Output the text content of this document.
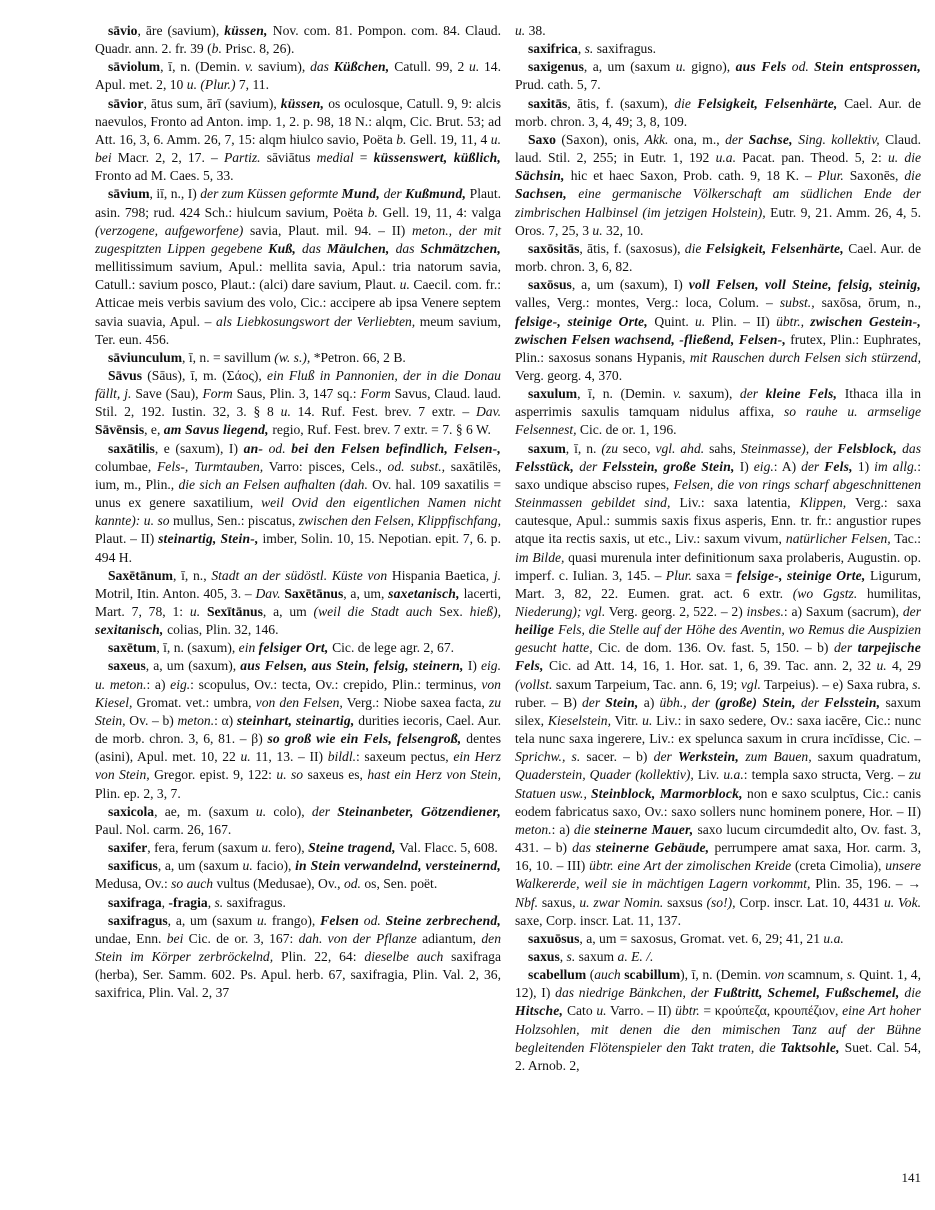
sāvio, āre (savium), küssen, Nov. com. 81. Pompon. com. 84. Claud. Quadr. ann. 2. fr. 39 (b. Prisc. 8, 26).

sāviolum, ī, n. (Demin. v. savium), das Küßchen, Catull. 99, 2 u. 14. Apul. met. 2, 10 u. (Plur.) 7, 11.

sāvior, ātus sum, ārī (savium), küssen, os oculosque, Catull. 9, 9: alcis naevulos, Fronto ad Anton. imp. 1, 2. p. 98, 18 N.: alqm, Cic. Brut. 53; ad Att. 16, 3, 6. Amm. 26, 7, 15: alqm hiulco savio, Poëta b. Gell. 19, 11, 4 u. bei Macr. 2, 2, 17. – Partiz. sāviātus medial = küssenswert, küßlich, Fronto ad M. Caes. 5, 33.

sāvium, iī, n., I) der zum Küssen geformte Mund, der Kußmund, Plaut. asin. 798; rud. 424 Sch.: hiulcum savium, Poëta b. Gell. 19, 11, 4: valga (verzogene, aufgeworfene) savia, Plaut. mil. 94. – II) meton., der mit zugespitzten Lippen gegebene Kuß, das Mäulchen, das Schmätzchen, mellitissimum savium, Apul.: mellita savia, Apul.: tria natorum savia, Catull.: savium posco, Plaut.: (alci) dare savium, Plaut. u. Caecil. com. fr.: Atticae meis verbis savium des volo, Cic.: accipere ab ipsa Venere septem savia suavia, Apul. – als Liebkosungswort der Verliebten, meum savium, Ter. eun. 456.

sāviunculum, ī, n. = savillum (w. s.), *Petron. 66, 2 B.

Sāvus (Sāus), ī, m. (Σάος), ein Fluß in Pannonien, der in die Donau fällt, j. Save (Sau), Form Saus, Plin. 3, 147 sq.: Form Savus, Claud. laud. Stil. 2, 192. Iustin. 32, 3. § 8 u. 14. Ruf. Fest. brev. 7 extr. – Dav. Sāvēnsis, e, am Savus liegend, regio, Ruf. Fest. brev. 7 extr. = 7. § 6 W.

saxātilis, e (saxum), I) an- od. bei den Felsen befindlich, Felsen-, columbae, Fels-, Turmtauben, Varro: pisces, Cels., od. subst., saxātilēs, ium, m., Plin., die sich an Felsen aufhalten (dah. Ov. hal. 109 saxatilis = unus ex genere saxatilium, weil Ovid den eigentlichen Namen nicht kannte): u. so mullus, Sen.: piscatus, zwischen den Felsen, Klippfischfang, Plaut. – II) steinartig, Stein-, imber, Solin. 10, 15. Nepotian. epit. 7, 6. p. 494 H.

Saxētānum, ī, n., Stadt an der südöstl. Küste von Hispania Baetica, j. Motril, Itin. Anton. 405, 3. – Dav. Saxētānus, a, um, saxetanisch, lacerti, Mart. 7, 78, 1: u. Sexītānus, a, um (weil die Stadt auch Sex. hieß), sexitanisch, colias, Plin. 32, 146.

saxētum, ī, n. (saxum), ein felsiger Ort, Cic. de lege agr. 2, 67.

saxeus, a, um (saxum), aus Felsen, aus Stein, felsig, steinern, I) eig. u. meton.: a) eig.: scopulus, Ov.: tecta, Ov.: crepido, Plin.: terminus, von Kiesel, Gromat. vet.: umbra, von den Felsen, Verg.: Niobe saxea facta, zu Stein, Ov. – b) meton.: α) steinhart, steinartig, durities iecoris, Cael. Aur. de morb. chron. 3, 6, 81. – β) so groß wie ein Fels, felsengroß, dentes (asini), Apul. met. 10, 22 u. 11, 13. – II) bildl.: saxeum pectus, ein Herz von Stein, Gregor. epist. 9, 122: u. so saxeus es, hast ein Herz von Stein, Plin. ep. 2, 3, 7.

saxicola, ae, m. (saxum u. colo), der Steinanbeter, Götzendiener, Paul. Nol. carm. 26, 167.

saxifer, fera, ferum (saxum u. fero), Steine tragend, Val. Flacc. 5, 608.

saxificus, a, um (saxum u. facio), in Stein verwandelnd, versteinernd, Medusa, Ov.: so auch vultus (Medusae), Ov., od. os, Sen. poët.

saxifraga, -fragia, s. saxifragus.

saxifragus, a, um (saxum u. frango), Felsen od. Steine zerbrechend, undae, Enn. bei Cic. de or. 3, 167: dah. von der Pflanze adiantum, den Stein im Körper zerbröckelnd, Plin. 22, 64: dieselbe auch saxifraga (herba), Ser. Samm. 602. Ps. Apul. herb. 67, saxifragia, Plin. Val. 2, 36, saxifrica, Plin. Val. 2, 37

u. 38.

saxifrica, s. saxifragus.

saxigenus, a, um (saxum u. gigno), aus Fels od. Stein entsprossen, Prud. cath. 5, 7.

saxitās, ātis, f. (saxum), die Felsigkeit, Felsenhärte, Cael. Aur. de morb. chron. 3, 4, 49; 3, 8, 109.

Saxo (Saxon), onis, Akk. ona, m., der Sachse, Sing. kollektiv, Claud. laud. Stil. 2, 255; in Eutr. 1, 192 u.a. Pacat. pan. Theod. 5, 2: u. die Sächsin, hic et haec Saxon, Prob. cath. 9, 18 K. – Plur. Saxonēs, die Sachsen, eine germanische Völkerschaft am südlichen Ende der zimbrischen Halbinsel (im jetzigen Holstein), Eutr. 9, 21. Amm. 26, 4, 5. Oros. 7, 25, 3 u. 32, 10.

saxōsitās, ātis, f. (saxosus), die Felsigkeit, Felsenhärte, Cael. Aur. de morb. chron. 3, 6, 82.

saxōsus, a, um (saxum), I) voll Felsen, voll Steine, felsig, steinig, valles, Verg.: montes, Verg.: loca, Colum. – subst., saxōsa, ōrum, n., felsige-, steinige Orte, Quint. u. Plin. – II) übtr., zwischen Gestein-, zwischen Felsen wachsend, -fließend, Felsen-, frutex, Plin.: Euphrates, Plin.: saxosus sonans Hypanis, mit Rauschen durch Felsen sich stürzend, Verg. georg. 4, 370.

saxulum, ī, n. (Demin. v. saxum), der kleine Fels, Ithaca illa in asperrimis saxulis tamquam nidulus affixa, so rauhe u. armselige Felsennest, Cic. de or. 1, 196.

saxum, ī, n. (zu seco, vgl. ahd. sahs, Steinmasse), der Felsblock, das Felsstück, der Felsstein, große Stein, I) eig.: A) der Fels, 1) im allg.: saxo undique absciso rupes, Felsen, die von rings scharf abgeschnittenen Steinmassen gebildet sind, Liv.: saxa latentia, Klippen, Verg.: saxa cautesque, Apul.: summis saxis fixus asperis, Enn. tr. fr.: angustior rupes atque ita rectis saxis, ut etc., Liv.: saxum vivum, natürlicher Felsen, Tac.: im Bilde, quasi murenula inter definitionum saxa prolaberis, Augustin. op. imperf. c. Iulian. 3, 145. – Plur. saxa = felsige-, steinige Orte, Ligurum, Mart. 3, 82, 22. Eumen. grat. act. 6 extr. (wo Ggstz. humilitas, Niederung); vgl. Verg. georg. 2, 522. – 2) insbes.: a) Saxum (sacrum), der heilige Fels, die Stelle auf der Höhe des Aventin, wo Remus die Auspizien gesucht hatte, Cic. de dom. 136. Ov. fast. 5, 150. – b) der tarpejische Fels, Cic. ad Att. 14, 16, 1. Hor. sat. 1, 6, 39. Tac. ann. 2, 32 u. 4, 29 (vollst. saxum Tarpeium, Tac. ann. 6, 19; vgl. Tarpeius). – e) Saxa rubra, s. ruber. – B) der Stein, a) übh., der (große) Stein, der Felsstein, saxum silex, Kieselstein, Vitr. u. Liv.: in saxo sedere, Ov.: saxa iacēre, Cic.: nunc tela nunc saxa ingerere, Liv.: ex spelunca saxum in crura incīdisse, Cic. – Sprichw., s. sacer. – b) der Werkstein, zum Bauen, saxum quadratum, Quaderstein, Quader (kollektiv), Liv. u.a.: templa saxo structa, Verg. – zu Statuen usw., Steinblock, Marmorblock, non e saxo sculptus, Cic.: canis eodem fabricatus saxo, Ov.: saxo sollers nunc hominem ponere, Hor. – II) meton.: a) die steinerne Mauer, saxo lucum circumdedit alto, Ov. fast. 3, 431. – b) das steinerne Gebäude, perrumpere amat saxa, Hor. carm. 3, 16, 10. – III) übtr. eine Art der zimolischen Kreide (creta Cimolia), unsere Walkererde, weil sie in mächtigen Lagern vorkommt, Plin. 35, 196. – → Nbf. saxus, u. zwar Nomin. saxsus (so!), Corp. inscr. Lat. 10, 4431 u. Vok. saxe, Corp. inscr. Lat. 11, 137.

saxuōsus, a, um = saxosus, Gromat. vet. 6, 29; 41, 21 u.a.

saxus, s. saxum a. E. /.

scabellum (auch scabillum), ī, n. (Demin. von scamnum, s. Quint. 1, 4, 12), I) das niedrige Bänkchen, der Fußtritt, Schemel, Fußschemel, die Hitsche, Cato u. Varro. – II) übtr. = κρούπεζα, κρουπέζιον, eine Art hoher Holzsohlen, mit denen die den mimischen Tanz auf der Bühne begleitenden Flötenspieler den Takt traten, die Taktsohle, Suet. Cal. 54, 2. Arnob. 2,

141
